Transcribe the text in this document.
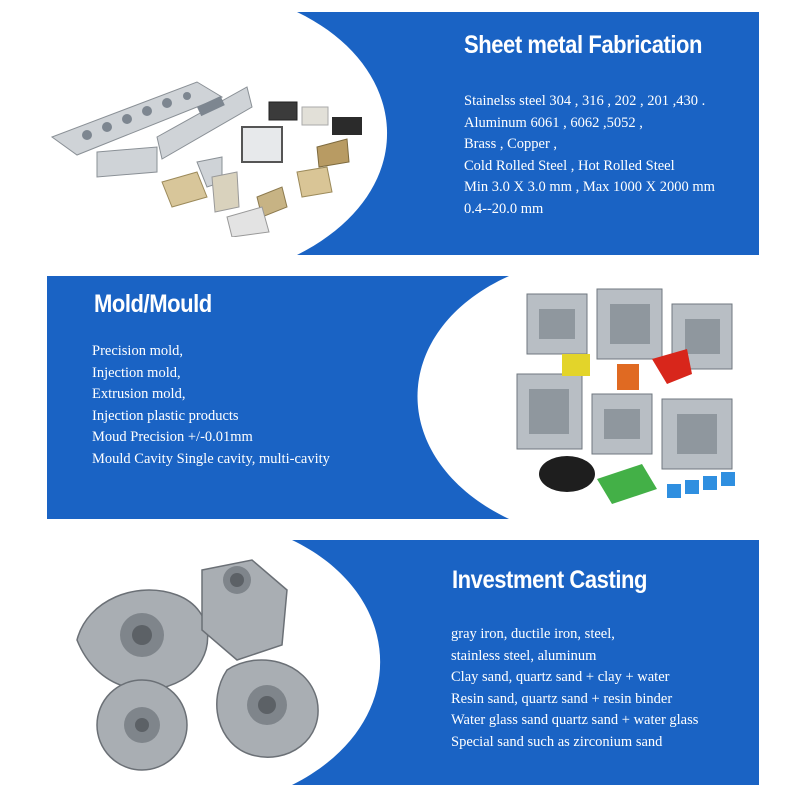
Sheet metal Fabrication
Stainelss steel 304 , 316 , 202 , 201 ,430 .
Aluminum 6061 , 6062 ,5052 ,
Brass , Copper ,
Cold Rolled Steel , Hot Rolled Steel
Min 3.0 X 3.0 mm , Max 1000 X 2000 mm
0.4--20.0 mm
Mold/Mould
Precision mold,
Injection mold,
Extrusion mold,
Injection plastic products
Moud Precision +/-0.01mm
Mould Cavity Single cavity, multi-cavity
Investment Casting
gray iron, ductile iron, steel,
stainless steel, aluminum
Clay sand, quartz sand + clay + water
Resin sand, quartz sand + resin binder
Water glass sand quartz sand + water glass
Special sand such as zirconium sand
